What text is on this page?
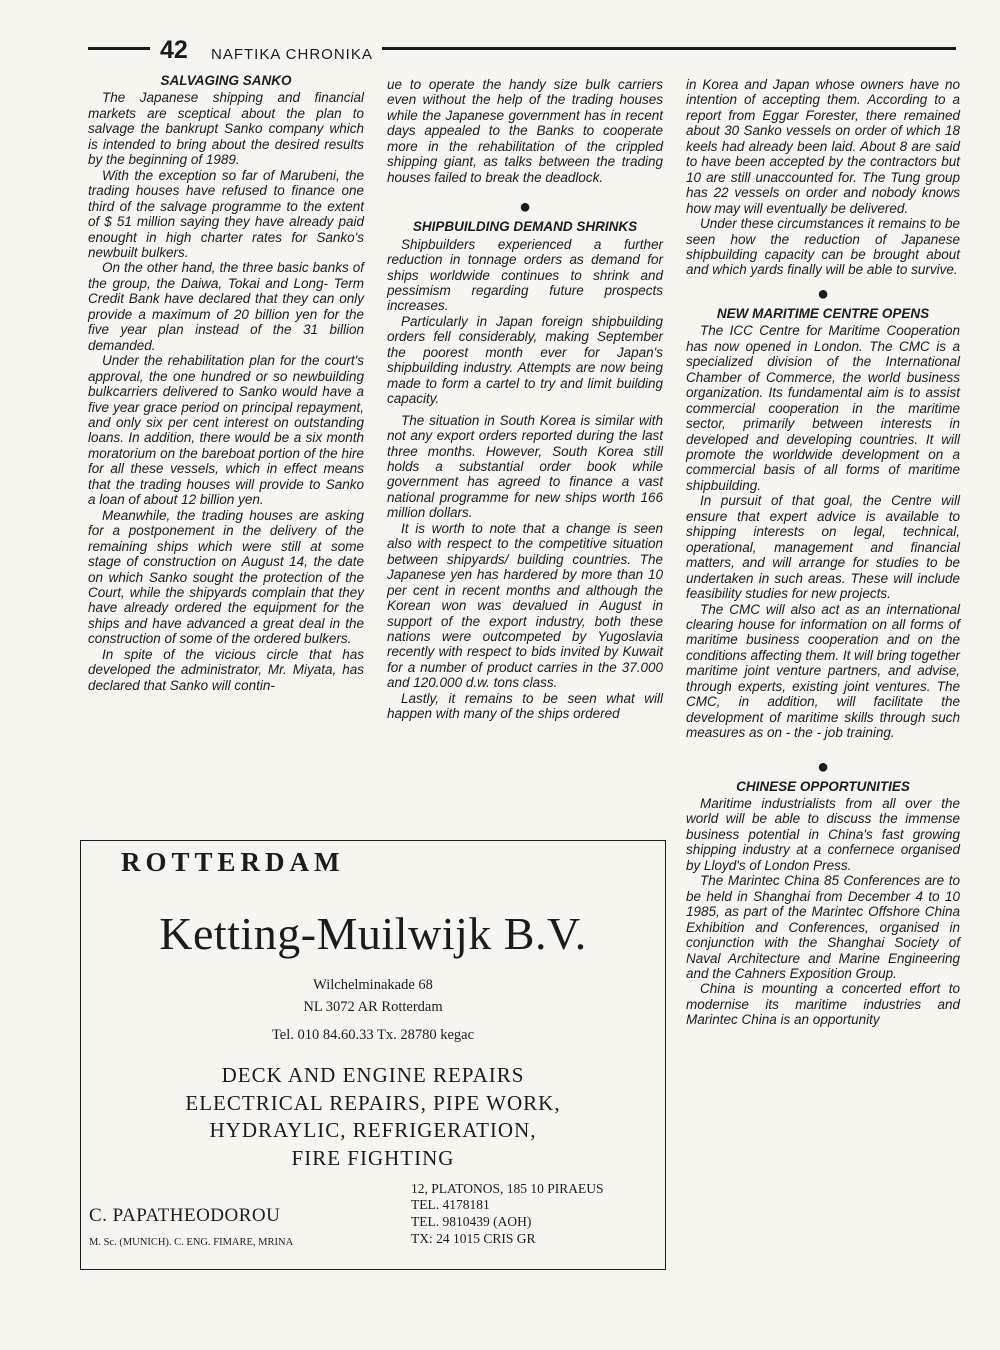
42 NAFTIKA CHRONIKA
SALVAGING SANKO

The Japanese shipping and financial markets are sceptical about the plan to salvage the bankrupt Sanko company which is intended to bring about the desired results by the beginning of 1989.

With the exception so far of Marubeni, the trading houses have refused to finance one third of the salvage programme to the extent of $ 51 million saying they have already paid enought in high charter rates for Sanko's newbuilt bulkers.

On the other hand, the three basic banks of the group, the Daiwa, Tokai and Long- Term Credit Bank have declared that they can only provide a maximum of 20 billion yen for the five year plan instead of the 31 billion demanded.

Under the rehabilitation plan for the court's approval, the one hundred or so newbuilding bulkcarriers delivered to Sanko would have a five year grace period on principal repayment, and only six per cent interest on outstanding loans. In addition, there would be a six month moratorium on the bareboat portion of the hire for all these vessels, which in effect means that the trading houses will provide to Sanko a loan of about 12 billion yen.

Meanwhile, the trading houses are asking for a postponement in the delivery of the remaining ships which were still at some stage of construction on August 14, the date on which Sanko sought the protection of the Court, while the shipyards complain that they have already ordered the equipment for the ships and have advanced a great deal in the construction of some of the ordered bulkers.

In spite of the vicious circle that has developed the administrator, Mr. Miyata, has declared that Sanko will contin-

ue to operate the handy size bulk carriers even without the help of the trading houses while the Japanese government has in recent days appealed to the Banks to cooperate more in the rehabilitation of the crippled shipping giant, as talks between the trading houses failed to break the deadlock.

●
SHIPBUILDING DEMAND SHRINKS

Shipbuilders experienced a further reduction in tonnage orders as demand for ships worldwide continues to shrink and pessimism regarding future prospects increases.

Particularly in Japan foreign shipbuilding orders fell considerably, making September the poorest month ever for Japan's shipbuilding industry. Attempts are now being made to form a cartel to try and limit building capacity.

The situation in South Korea is similar with not any export orders reported during the last three months. However, South Korea still holds a substantial order book while government has agreed to finance a vast national programme for new ships worth 166 million dollars.

It is worth to note that a change is seen also with respect to the competitive situation between shipyards/ building countries. The Japanese yen has hardered by more than 10 per cent in recent months and although the Korean won was devalued in August in support of the export industry, both these nations were outcompeted by Yugoslavia recently with respect to bids invited by Kuwait for a number of product carries in the 37.000 and 120.000 d.w. tons class.

Lastly, it remains to be seen what will happen with many of the ships ordered

in Korea and Japan whose owners have no intention of accepting them. According to a report from Eggar Forester, there remained about 30 Sanko vessels on order of which 18 keels had already been laid. About 8 are said to have been accepted by the contractors but 10 are still unaccounted for. The Tung group has 22 vessels on order and nobody knows how may will eventually be delivered.

Under these circumstances it remains to be seen how the reduction of Japanese shipbuilding capacity can be brought about and which yards finally will be able to survive.

●
NEW MARITIME CENTRE OPENS

The ICC Centre for Maritime Cooperation has now opened in London. The CMC is a specialized division of the International Chamber of Commerce, the world business organization. Its fundamental aim is to assist commercial cooperation in the maritime sector, primarily between interests in developed and developing countries. It will promote the worldwide development on a commercial basis of all forms of maritime shipbuilding.

In pursuit of that goal, the Centre will ensure that expert advice is available to shipping interests on legal, technical, operational, management and financial matters, and will arrange for studies to be undertaken in such areas. These will include feasibility studies for new projects.

The CMC will also act as an international clearing house for information on all forms of maritime business cooperation and on the conditions affecting them. It will bring together maritime joint venture partners, and advise, through experts, existing joint ventures. The CMC, in addition, will facilitate the development of maritime skills through such measures as on - the - job training.

●
CHINESE OPPORTUNITIES

Maritime industrialists from all over the world will be able to discuss the immense business potential in China's fast growing shipping industry at a confernece organised by Lloyd's of London Press.

The Marintec China 85 Conferences are to be held in Shanghai from December 4 to 10 1985, as part of the Marintec Offshore China Exhibition and Conferences, organised in conjunction with the Shanghai Society of Naval Architecture and Marine Engineering and the Cahners Exposition Group.

China is mounting a concerted effort to modernise its maritime industries and Marintec China is an opportunity

ROTTERDAM
Ketting-Muilwijk B.V.
Wilchelminakade 68
NL 3072 AR Rotterdam
Tel. 010 84.60.33 Tx. 28780 kegac
DECK AND ENGINE REPAIRS
ELECTRICAL REPAIRS, PIPE WORK,
HYDRAYLIC, REFRIGERATION,
FIRE FIGHTING
12, PLATONOS, 185 10 PIRAEUS
TEL. 4178181
TEL. 9810439 (AOH)
TX: 24 1015 CRIS GR
C. PAPATHEODOROU
M. Sc. (MUNICH). C. ENG. FIMARE, MRINA
